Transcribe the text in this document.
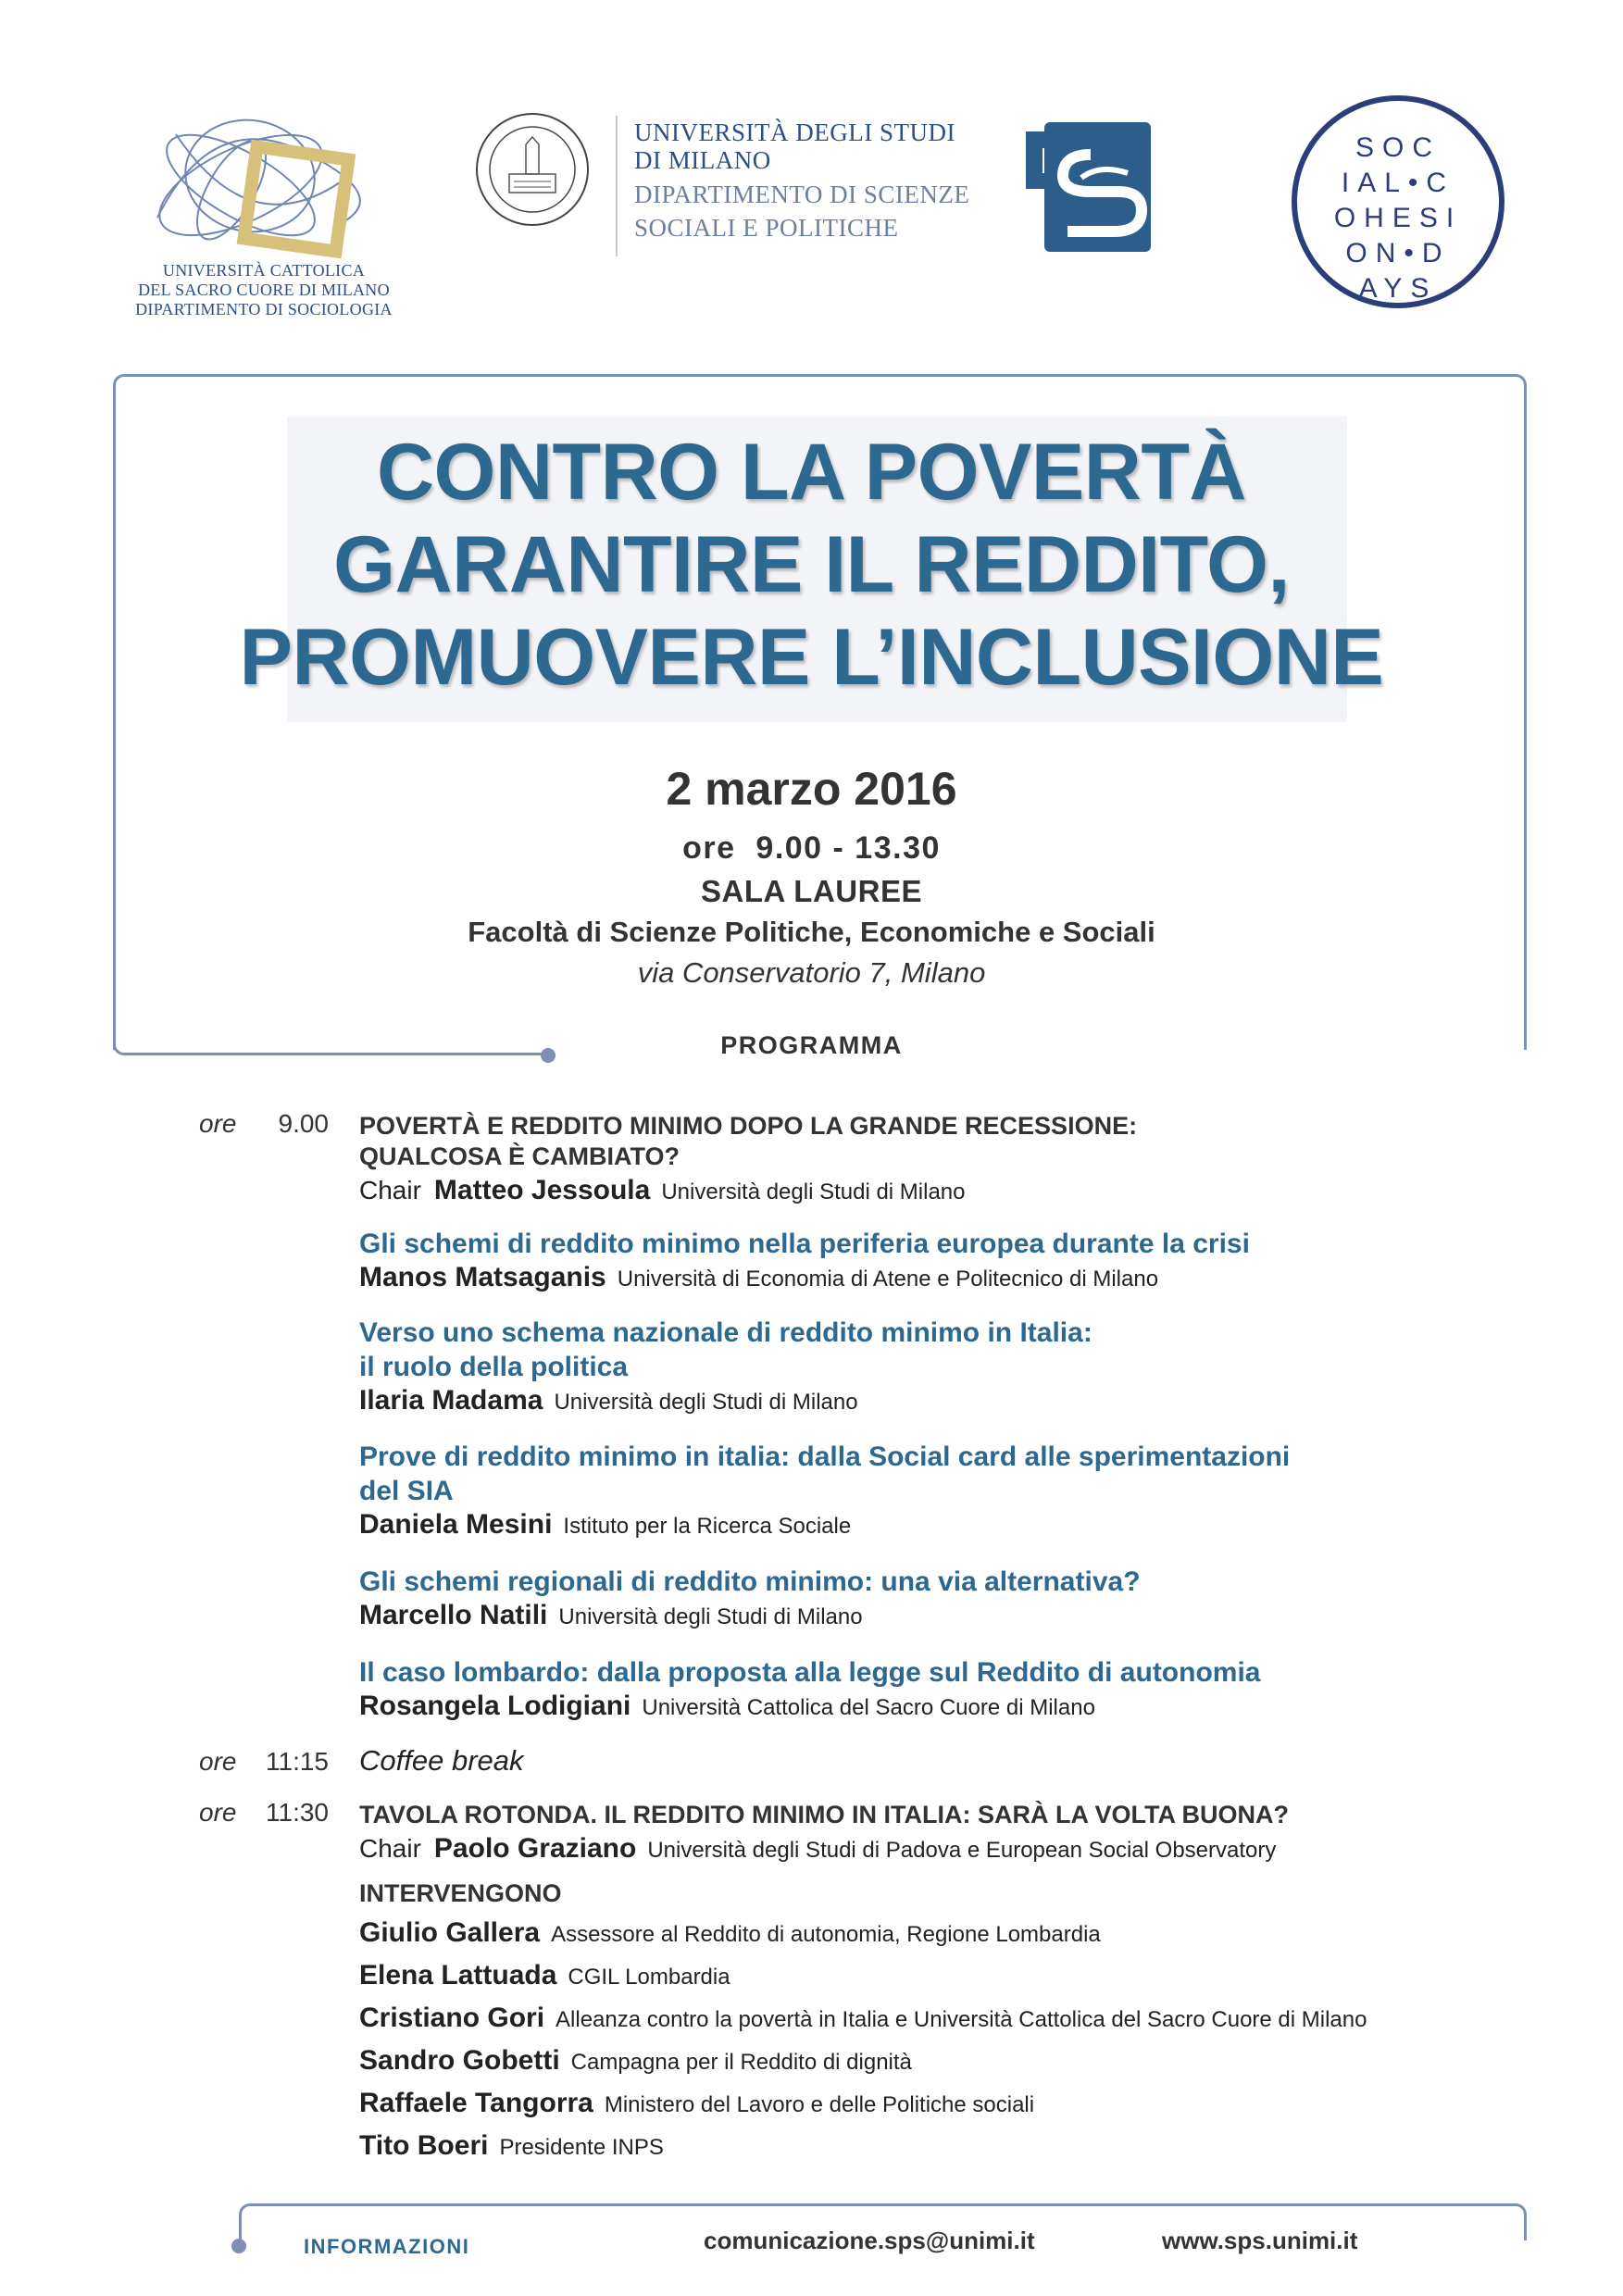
UNIVERSITÀ CATTOLICA
DEL SACRO CUORE DI MILANO
DIPARTIMENTO DI SOCIOLOGIA
UNIVERSITÀ DEGLI STUDI
DI MILANO
DIPARTIMENTO DI SCIENZE
SOCIALI E POLITICHE
SOC
IAL•C
OHESI
ON•D
AYS
CONTRO LA POVERTÀ
GARANTIRE IL REDDITO,
PROMUOVERE L’INCLUSIONE
2 marzo 2016
ore  9.00 - 13.30
SALA LAUREE
Facoltà di Scienze Politiche, Economiche e Sociali
via Conservatorio 7, Milano
PROGRAMMA
ore	9.00 POVERTÀ E REDDITO MINIMO DOPO LA GRANDE RECESSIONE:

QUALCOSA È CAMBIATO?

Chair Matteo Jessoula Università degli Studi di Milano

Gli schemi di reddito minimo nella periferia europea durante la crisi

Manos Matsaganis Università di Economia di Atene e Politecnico di Milano

Verso uno schema nazionale di reddito minimo in Italia:

il ruolo della politica

Ilaria Madama Università degli Studi di Milano

Prove di reddito minimo in italia: dalla Social card alle sperimentazioni

del SIA

Daniela Mesini Istituto per la Ricerca Sociale

Gli schemi regionali di reddito minimo: una via alternativa?

Marcello Natili Università degli Studi di Milano

Il caso lombardo: dalla proposta alla legge sul Reddito di autonomia

Rosangela Lodigiani Università Cattolica del Sacro Cuore di Milano

ore 11:15 Coffee break
ore 11:30 TAVOLA ROTONDA. IL REDDITO MINIMO IN ITALIA: SARÀ LA VOLTA BUONA?

Chair Paolo Graziano Università degli Studi di Padova e European Social Observatory

INTERVENGONO

Giulio Gallera Assessore al Reddito di autonomia, Regione Lombardia

Elena Lattuada CGIL Lombardia

Cristiano Gori Alleanza contro la povertà in Italia e Università Cattolica del Sacro Cuore di Milano

Sandro Gobetti Campagna per il Reddito di dignità

Raffaele Tangorra Ministero del Lavoro e delle Politiche sociali

Tito Boeri Presidente INPS

INFORMAZIONI	comunicazione.sps@unimi.it	www.sps.unimi.it
